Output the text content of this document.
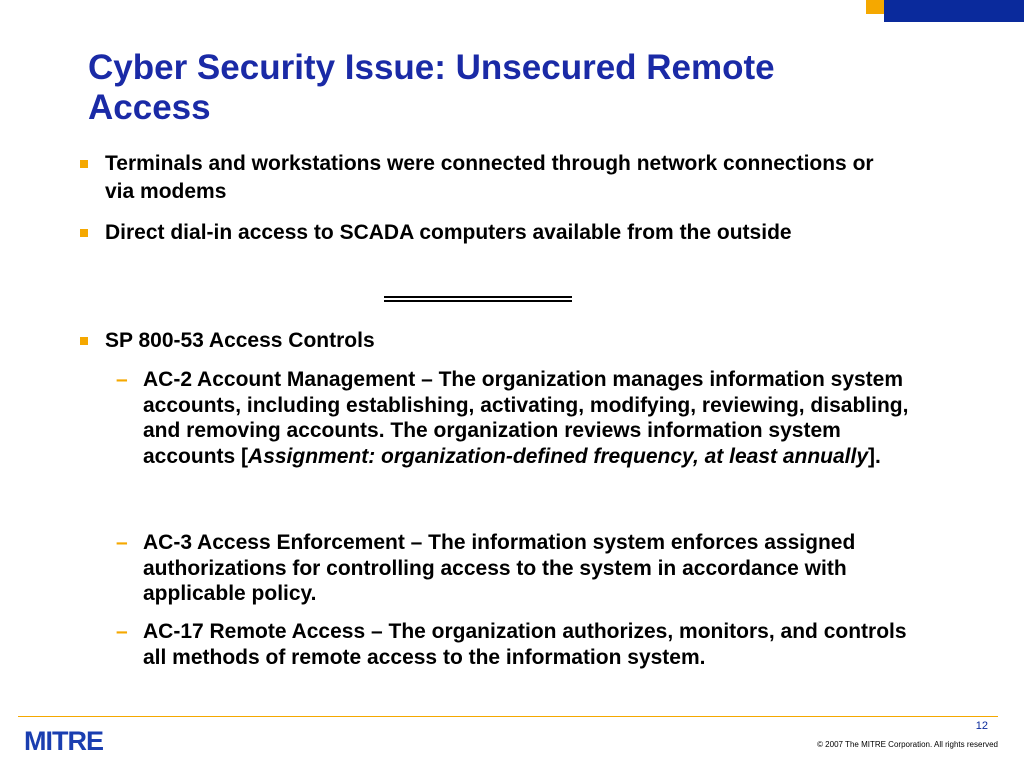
Cyber Security Issue: Unsecured Remote Access

Terminals and workstations were connected through network connections or via modems

Direct dial-in access to SCADA computers available from the outside

SP 800-53 Access Controls

– AC-2 Account Management – The organization manages information system accounts, including establishing, activating, modifying, reviewing, disabling, and removing accounts. The organization reviews information system accounts [Assignment: organization-defined frequency, at least annually].

– AC-3 Access Enforcement – The information system enforces assigned authorizations for controlling access to the system in accordance with applicable policy.

– AC-17 Remote Access – The organization authorizes, monitors, and controls all methods of remote access to the information system.

MITRE	12
© 2007 The MITRE Corporation. All rights reserved
